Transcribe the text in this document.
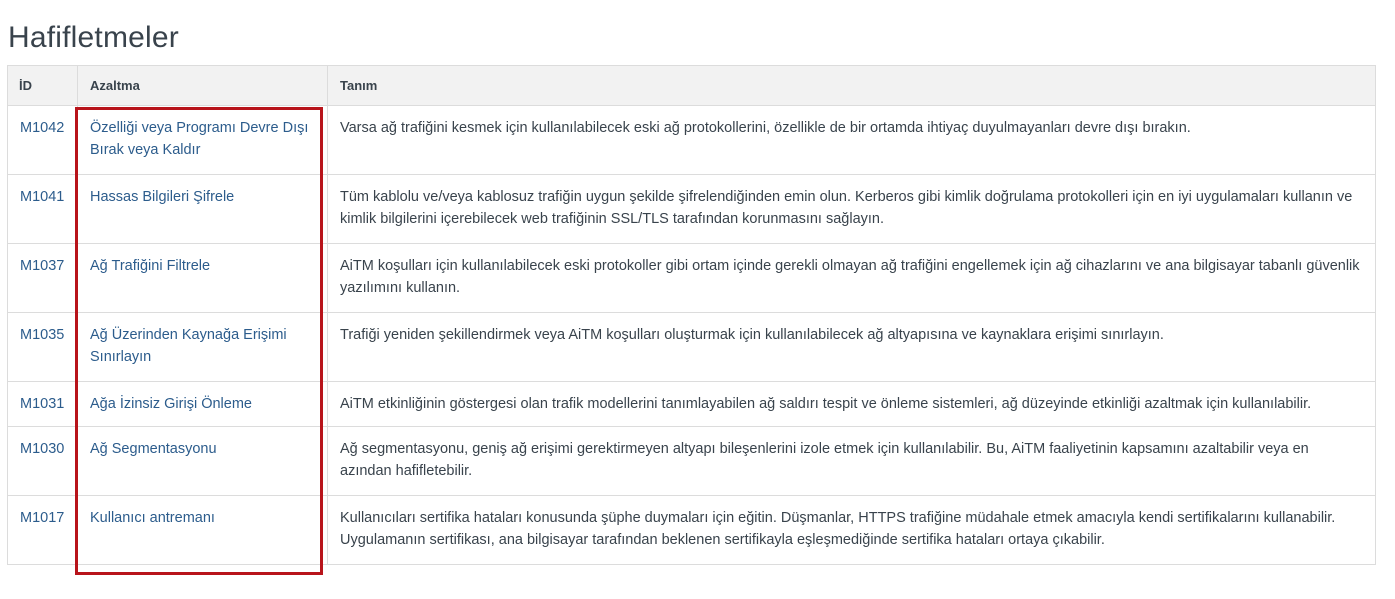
Hafifletmeler
İD	Azaltma	Tanım
M1042	Özelliği veya Programı Devre Dışı Bırak veya Kaldır	Varsa ağ trafiğini kesmek için kullanılabilecek eski ağ protokollerini, özellikle de bir ortamda ihtiyaç duyulmayanları devre dışı bırakın.
M1041	Hassas Bilgileri Şifrele	Tüm kablolu ve/veya kablosuz trafiğin uygun şekilde şifrelendiğinden emin olun. Kerberos gibi kimlik doğrulama protokolleri için en iyi uygulamaları kullanın ve kimlik bilgilerini içerebilecek web trafiğinin SSL/TLS tarafından korunmasını sağlayın.
M1037	Ağ Trafiğini Filtrele	AiTM koşulları için kullanılabilecek eski protokoller gibi ortam içinde gerekli olmayan ağ trafiğini engellemek için ağ cihazlarını ve ana bilgisayar tabanlı güvenlik yazılımını kullanın.
M1035	Ağ Üzerinden Kaynağa Erişimi Sınırlayın	Trafiği yeniden şekillendirmek veya AiTM koşulları oluşturmak için kullanılabilecek ağ altyapısına ve kaynaklara erişimi sınırlayın.
M1031	Ağa İzinsiz Girişi Önleme	AiTM etkinliğinin göstergesi olan trafik modellerini tanımlayabilen ağ saldırı tespit ve önleme sistemleri, ağ düzeyinde etkinliği azaltmak için kullanılabilir.
M1030	Ağ Segmentasyonu	Ağ segmentasyonu, geniş ağ erişimi gerektirmeyen altyapı bileşenlerini izole etmek için kullanılabilir. Bu, AiTM faaliyetinin kapsamını azaltabilir veya en azından hafifletebilir.
M1017	Kullanıcı antremanı	Kullanıcıları sertifika hataları konusunda şüphe duymaları için eğitin. Düşmanlar, HTTPS trafiğine müdahale etmek amacıyla kendi sertifikalarını kullanabilir. Uygulamanın sertifikası, ana bilgisayar tarafından beklenen sertifikayla eşleşmediğinde sertifika hataları ortaya çıkabilir.
